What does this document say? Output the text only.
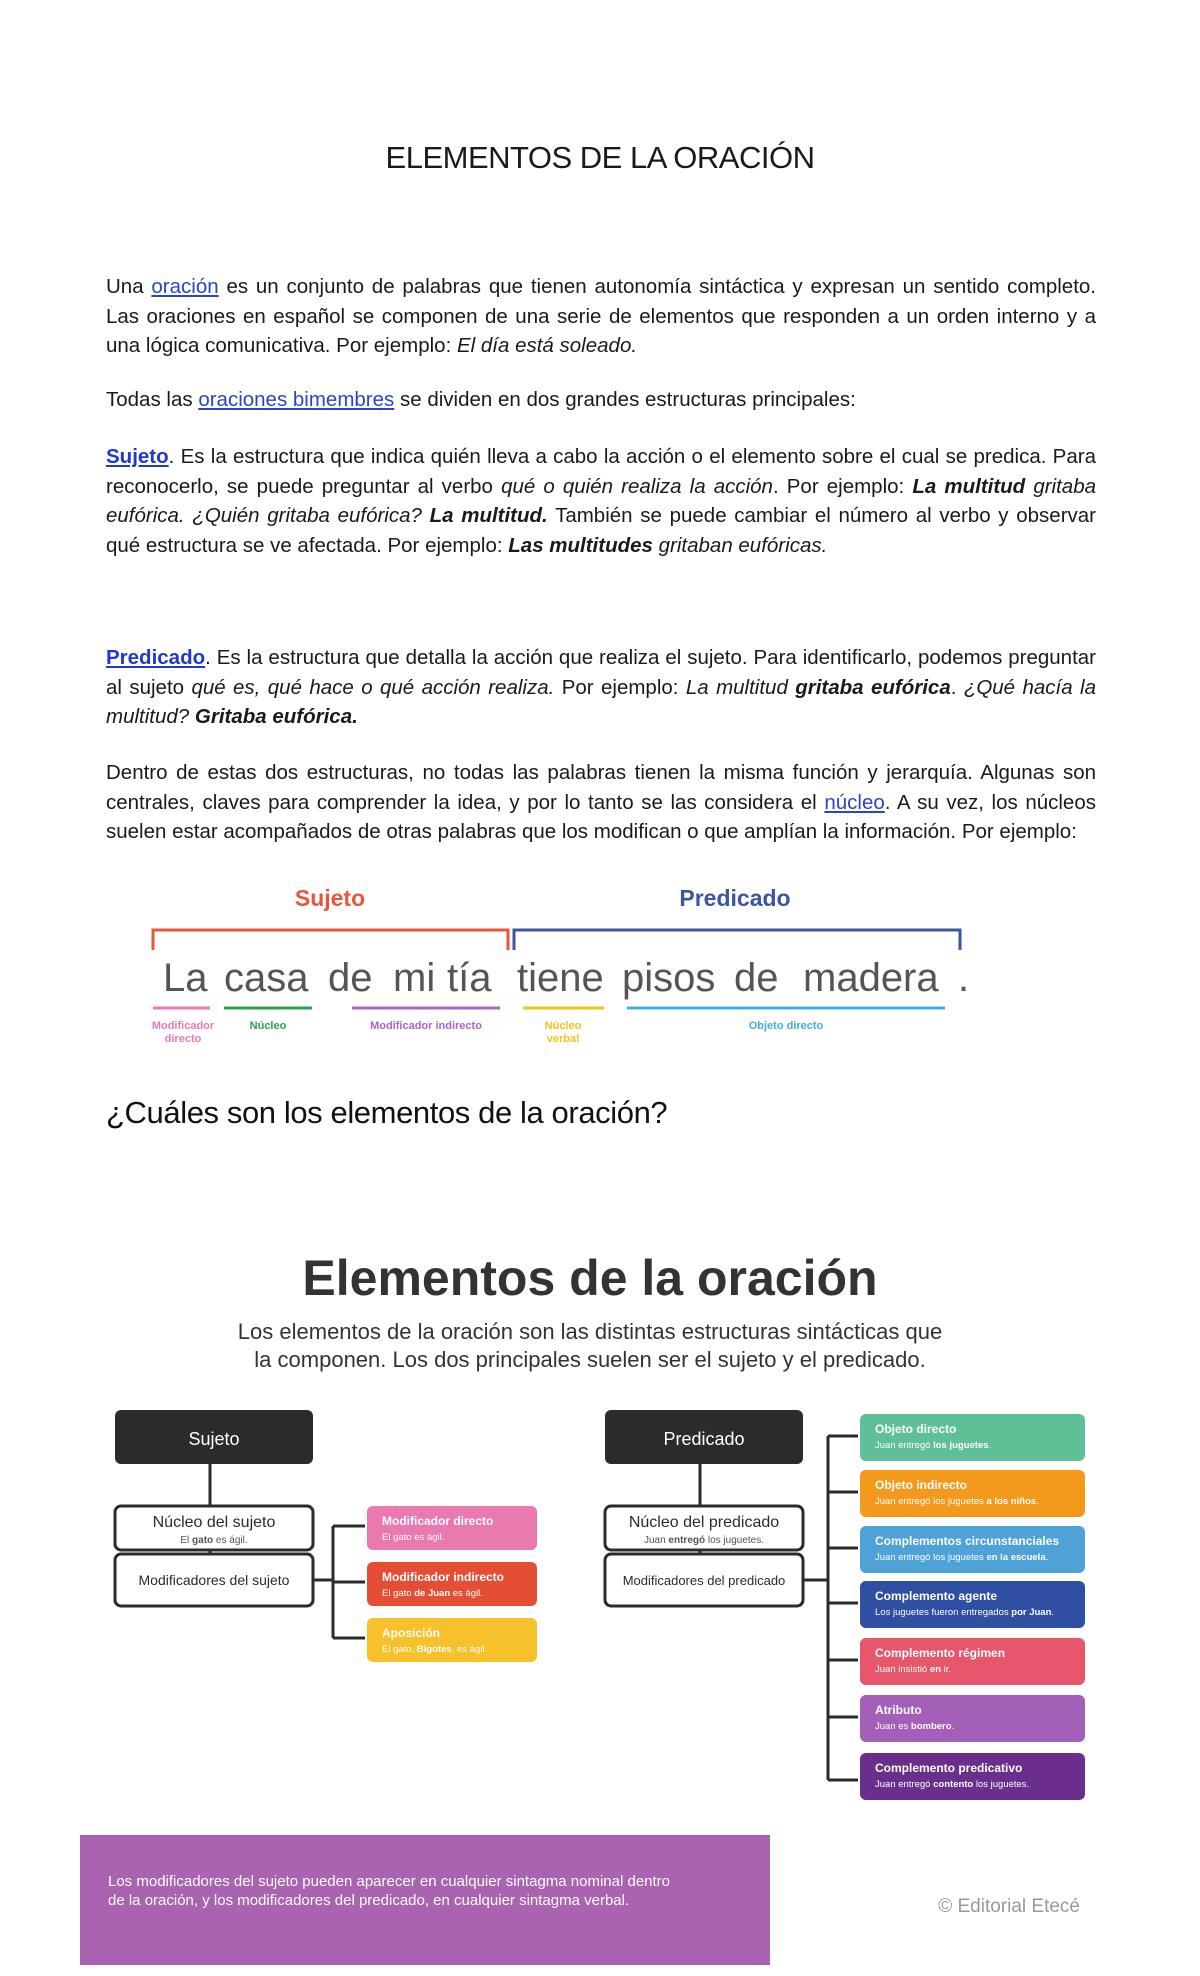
ELEMENTOS DE LA ORACIÓN

Una oración es un conjunto de palabras que tienen autonomía sintáctica y expresan un sentido completo. Las oraciones en español se componen de una serie de elementos que responden a un orden interno y a una lógica comunicativa. Por ejemplo: El día está soleado.

Todas las oraciones bimembres se dividen en dos grandes estructuras principales:

Sujeto. Es la estructura que indica quién lleva a cabo la acción o el elemento sobre el cual se predica. Para reconocerlo, se puede preguntar al verbo qué o quién realiza la acción. Por ejemplo: La multitud gritaba eufórica. ¿Quién gritaba eufórica? La multitud. También se puede cambiar el número al verbo y observar qué estructura se ve afectada. Por ejemplo: Las multitudes gritaban eufóricas.

Predicado. Es la estructura que detalla la acción que realiza el sujeto. Para identificarlo, podemos preguntar al sujeto qué es, qué hace o qué acción realiza. Por ejemplo: La multitud gritaba eufórica. ¿Qué hacía la multitud? Gritaba eufórica.

Dentro de estas dos estructuras, no todas las palabras tienen la misma función y jerarquía. Algunas son centrales, claves para comprender la idea, y por lo tanto se las considera el núcleo. A su vez, los núcleos suelen estar acompañados de otras palabras que los modifican o que amplían la información. Por ejemplo:

Sujeto	Predicado
La casa de mi tía tiene pisos de madera .
Modificador
directo
Núcleo	Modificador indirecto	Núcleo
verbal
Objeto directo
¿Cuáles son los elementos de la oración?
Elementos de la oración
Los elementos de la oración son las distintas estructuras sintácticas que
la componen. Los dos principales suelen ser el sujeto y el predicado.
Sujeto
Núcleo del sujeto
El gato es ágil.
Modificadores del sujeto
Modificador directo
El gato es ágil.
Modificador indirecto
El gato de Juan es ágil.
Aposición
El gato, Bigotes, es ágil.
Predicado
Núcleo del predicado
Juan entregó los juguetes.
Modificadores del predicado
Objeto directo
Juan entregó los juguetes.
Objeto indirecto
Juan entregó los juguetes a los niños.
Complementos circunstanciales
Juan entregó los juguetes en la escuela.
Complemento agente
Los juguetes fueron entregados por Juan.
Complemento régimen
Juan insistió en ir.
Atributo
Juan es bombero.
Complemento predicativo
Juan entregó contento los juguetes.
Los modificadores del sujeto pueden aparecer en cualquier sintagma nominal dentro
de la oración, y los modificadores del predicado, en cualquier sintagma verbal.	© Editorial Etecé
